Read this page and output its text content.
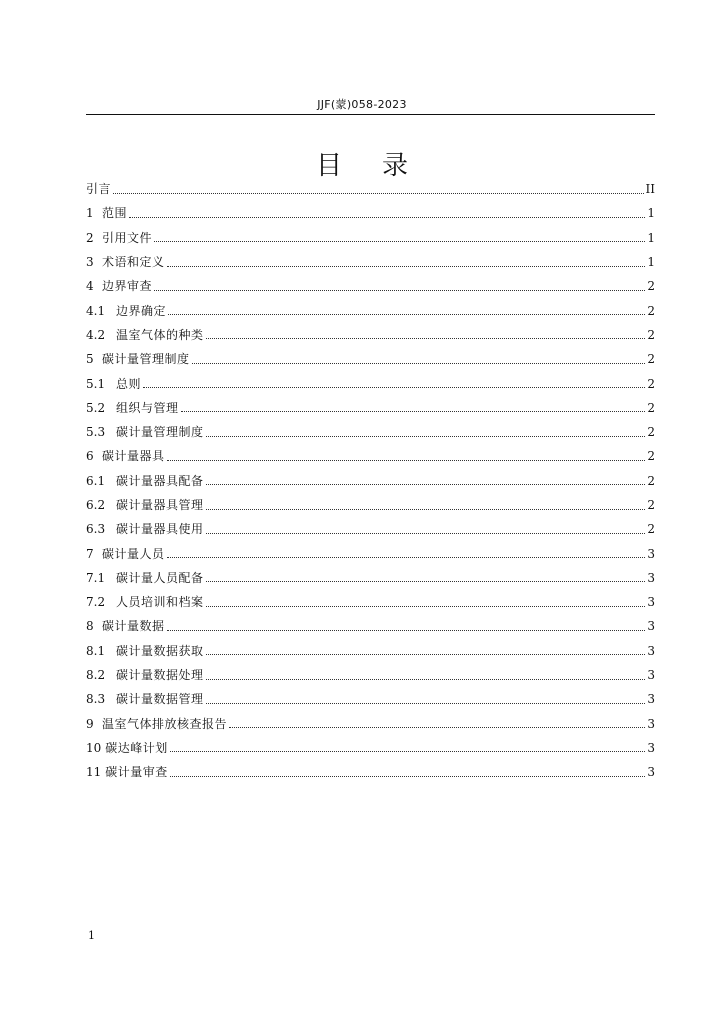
JJF(蒙)058-2023
目 录
引言	II
1 范围	1
2 引用文件	1
3 术语和定义	1
4 边界审查	2
4.1 边界确定	2
4.2 温室气体的种类	2
5 碳计量管理制度	2
5.1 总则	2
5.2 组织与管理	2
5.3 碳计量管理制度	2
6 碳计量器具	2
6.1 碳计量器具配备	2
6.2 碳计量器具管理	2
6.3 碳计量器具使用	2
7 碳计量人员	3
7.1 碳计量人员配备	3
7.2 人员培训和档案	3
8 碳计量数据	3
8.1 碳计量数据获取	3
8.2 碳计量数据处理	3
8.3 碳计量数据管理	3
9 温室气体排放核查报告	3
10 碳达峰计划	3
11 碳计量审查	3
1
